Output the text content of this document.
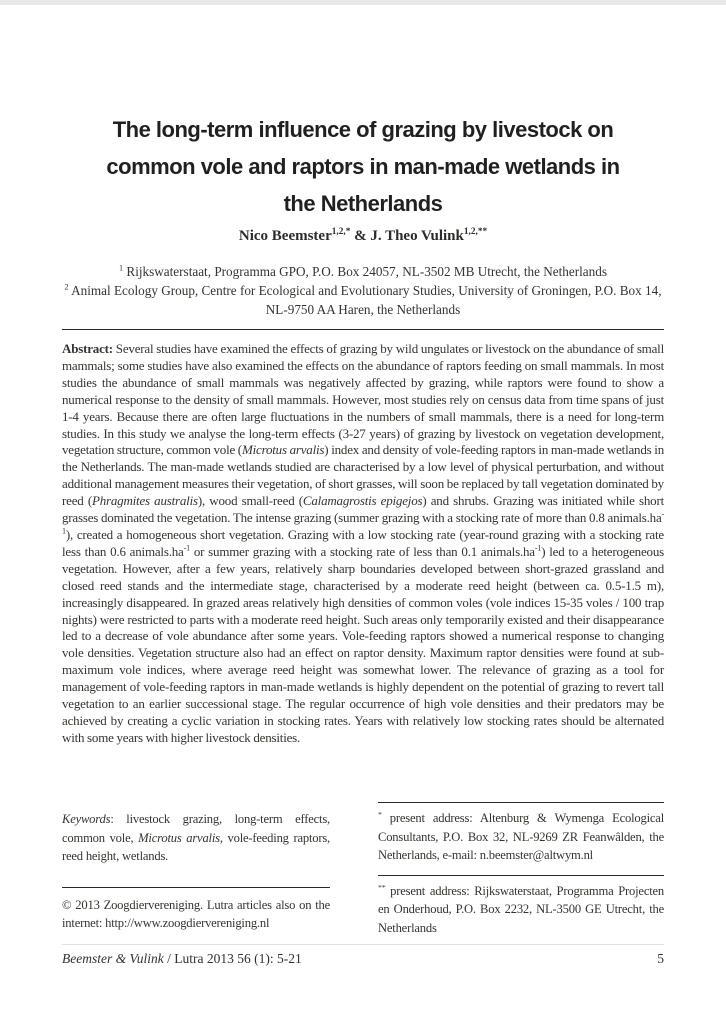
The long-term influence of grazing by livestock on
common vole and raptors in man-made wetlands in
the Netherlands
Nico Beemster$^{1,2,*}$ & J. Theo Vulink$^{1,2,**}$
$^1$ Rijkswaterstaat, Programma GPO, P.O. Box 24057, NL-3502 MB Utrecht, the Netherlands
$^2$ Animal Ecology Group, Centre for Ecological and Evolutionary Studies, University of Groningen, P.O. Box 14, NL-9750 AA Haren, the Netherlands

Abstract: Several studies have examined the effects of grazing by wild ungulates or livestock on the abundance of small mammals; some studies have also examined the effects on the abundance of raptors feeding on small mammals. In most studies the abundance of small mammals was negatively affected by grazing, while raptors were found to show a numerical response to the density of small mammals. However, most studies rely on census data from time spans of just 1-4 years. Because there are often large fluctuations in the numbers of small mammals, there is a need for long-term studies. In this study we analyse the long-term effects (3-27 years) of grazing by livestock on vegetation development, vegetation structure, common vole (Microtus arvalis) index and density of vole-feeding raptors in man-made wetlands in the Netherlands. The man-made wetlands studied are characterised by a low level of physical perturbation, and without additional management measures their vegetation, of short grasses, will soon be replaced by tall vegetation dominated by reed (Phragmites australis), wood small-reed (Calamagrostis epigejos) and shrubs. Grazing was initiated while short grasses dominated the vegetation. The intense grazing (summer grazing with a stocking rate of more than 0.8 $animals.ha^{-1}$), created a homogeneous short vegetation. Grazing with a low stocking rate (year-round grazing with a stocking rate less than 0.6 $animals.ha^{-1}$ or summer grazing with a stocking rate of less than 0.1 $animals.ha^{-1}$) led to a heterogeneous vegetation. However, after a few years, relatively sharp boundaries developed between short-grazed grassland and closed reed stands and the intermediate stage, characterised by a moderate reed height (between ca. 0.5-1.5 m), increasingly disappeared. In grazed areas relatively high densities of common voles (vole indices 15-35 voles / 100 trap nights) were restricted to parts with a moderate reed height. Such areas only temporarily existed and their disappearance led to a decrease of vole abundance after some years. Vole-feeding raptors showed a numerical response to changing vole densities. Vegetation structure also had an effect on raptor density. Maximum raptor densities were found at sub-maximum vole indices, where average reed height was somewhat lower. The relevance of grazing as a tool for management of vole-feeding raptors in man-made wetlands is highly dependent on the potential of grazing to revert tall vegetation to an earlier successional stage. The regular occurrence of high vole densities and their predators may be achieved by creating a cyclic variation in stocking rates. Years with relatively low stocking rates should be alternated with some years with higher livestock densities.

Keywords: livestock grazing, long-term effects, common vole, Microtus arvalis, vole-feeding raptors, reed height, wetlands.

© 2013 Zoogdiervereniging. Lutra articles also on the internet: http://www.zoogdiervereniging.nl

* present address: Altenburg & Wymenga Ecological Consultants, P.O. Box 32, NL-9269 ZR Feanwâlden, the Netherlands, e-mail: n.beemster@altwym.nl

** present address: Rijkswaterstaat, Programma Projecten en Onderhoud, P.O. Box 2232, NL-3500 GE Utrecht, the Netherlands

Beemster & Vulink / Lutra 2013 56 (1): 5-21	5
